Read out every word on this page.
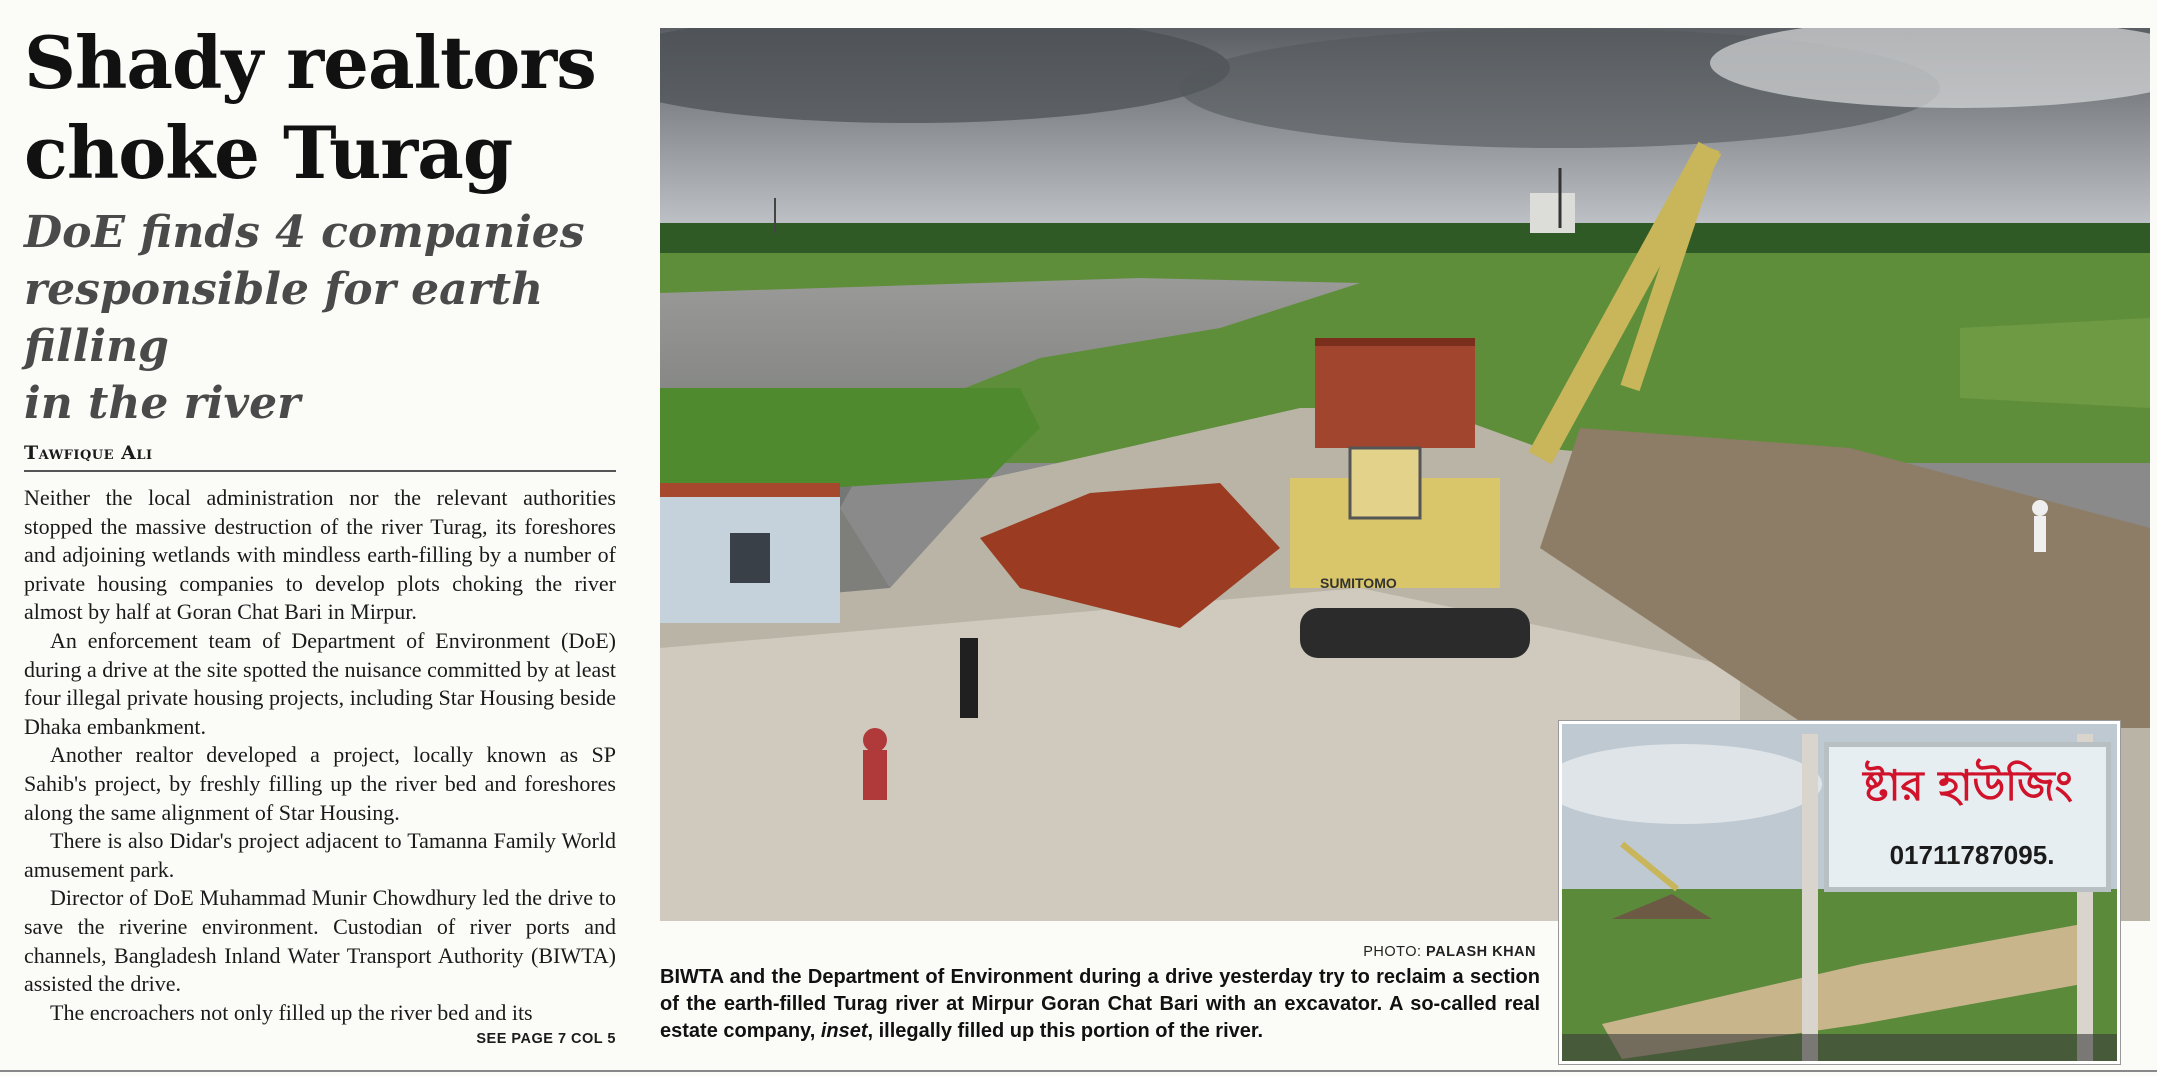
Shady realtors
choke Turag
DoE finds 4 companies
responsible for earth filling
in the river
Tawfique Ali

Neither the local administration nor the relevant authorities stopped the massive destruction of the river Turag, its foreshores and adjoining wetlands with mindless earth-filling by a number of private housing companies to develop plots choking the river almost by half at Goran Chat Bari in Mirpur.

An enforcement team of Department of Environment (DoE) during a drive at the site spotted the nuisance committed by at least four illegal private housing projects, including Star Housing beside Dhaka embankment.

Another realtor developed a project, locally known as SP Sahib's project, by freshly filling up the river bed and foreshores along the same alignment of Star Housing.

There is also Didar's project adjacent to Tamanna Family World amusement park.

Director of DoE Muhammad Munir Chowdhury led the drive to save the riverine environment. Custodian of river ports and channels, Bangladesh Inland Water Transport Authority (BIWTA) assisted the drive.

The encroachers not only filled up the river bed and its

SEE PAGE 7 COL 5
SUMITOMO
PHOTO: PALASH KHAN
ষ্টার হাউজিং
01711787095.
BIWTA and the Department of Environment during a drive yesterday try to reclaim a section of the earth-filled Turag river at Mirpur Goran Chat Bari with an excavator. A so-called real estate company, inset, illegally filled up this portion of the river.
